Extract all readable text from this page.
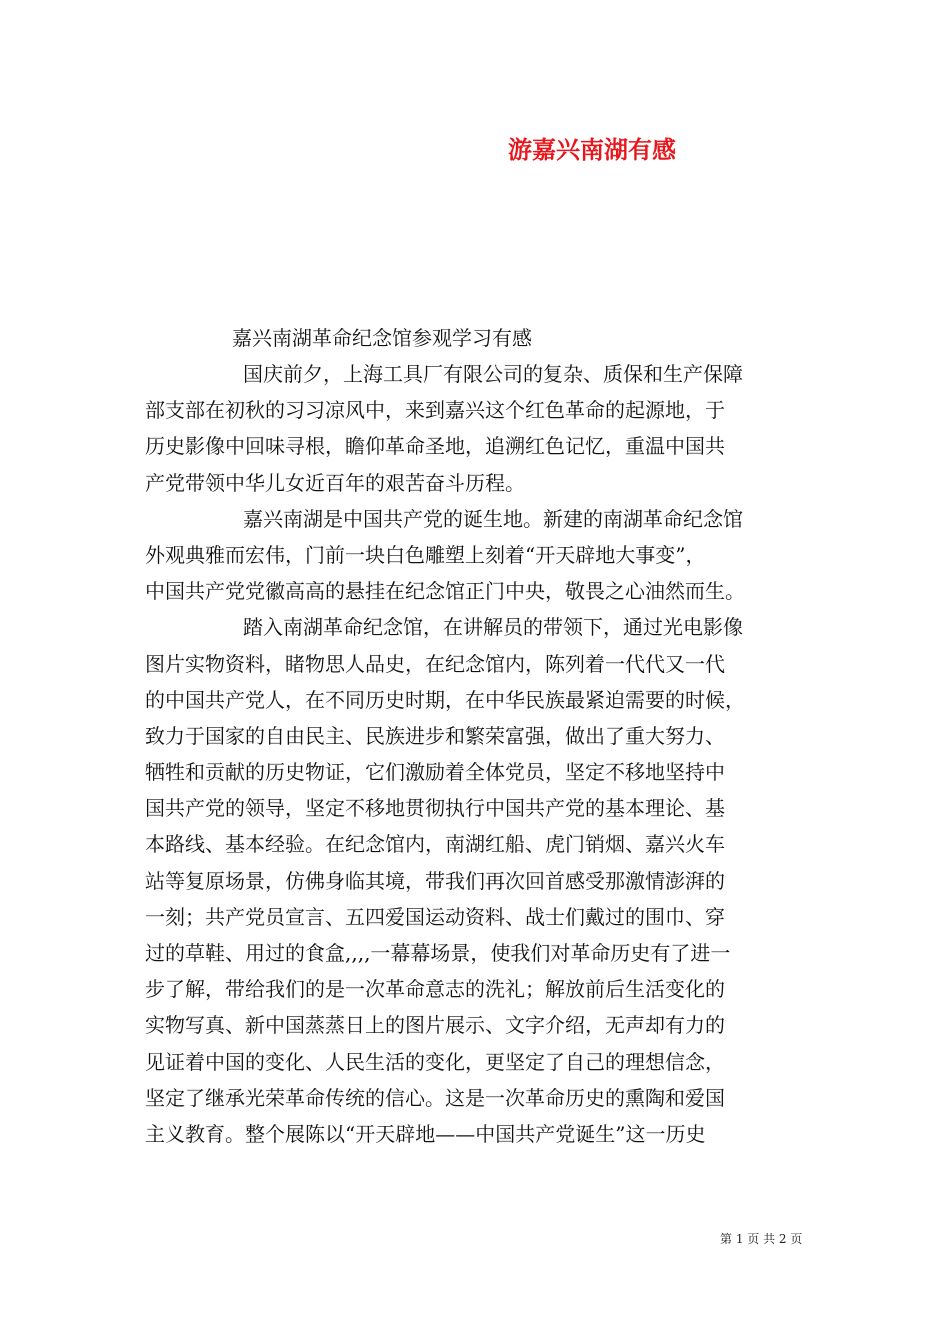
游嘉兴南湖有感
嘉兴南湖革命纪念馆参观学习有感
国庆前夕，上海工具厂有限公司的复杂、质保和生产保障
部支部在初秋的习习凉风中，来到嘉兴这个红色革命的起源地，于
历史影像中回味寻根，瞻仰革命圣地，追溯红色记忆，重温中国共
产党带领中华儿女近百年的艰苦奋斗历程。
嘉兴南湖是中国共产党的诞生地。新建的南湖革命纪念馆
外观典雅而宏伟，门前一块白色雕塑上刻着“开天辟地大事变”，
中国共产党党徽高高的悬挂在纪念馆正门中央，敬畏之心油然而生。
踏入南湖革命纪念馆，在讲解员的带领下，通过光电影像
图片实物资料，睹物思人品史，在纪念馆内，陈列着一代代又一代
的中国共产党人，在不同历史时期，在中华民族最紧迫需要的时候，
致力于国家的自由民主、民族进步和繁荣富强，做出了重大努力、
牺牲和贡献的历史物证，它们激励着全体党员，坚定不移地坚持中
国共产党的领导，坚定不移地贯彻执行中国共产党的基本理论、基
本路线、基本经验。在纪念馆内，南湖红船、虎门销烟、嘉兴火车
站等复原场景，仿佛身临其境，带我们再次回首感受那激情澎湃的
一刻；共产党员宣言、五四爱国运动资料、战士们戴过的围巾、穿
过的草鞋、用过的食盒,,,,一幕幕场景，使我们对革命历史有了进一
步了解，带给我们的是一次革命意志的洗礼；解放前后生活变化的
实物写真、新中国蒸蒸日上的图片展示、文字介绍，无声却有力的
见证着中国的变化、人民生活的变化，更坚定了自己的理想信念，
坚定了继承光荣革命传统的信心。这是一次革命历史的熏陶和爱国
主义教育。整个展陈以“开天辟地——中国共产党诞生”这一历史
第 1 页 共 2 页
